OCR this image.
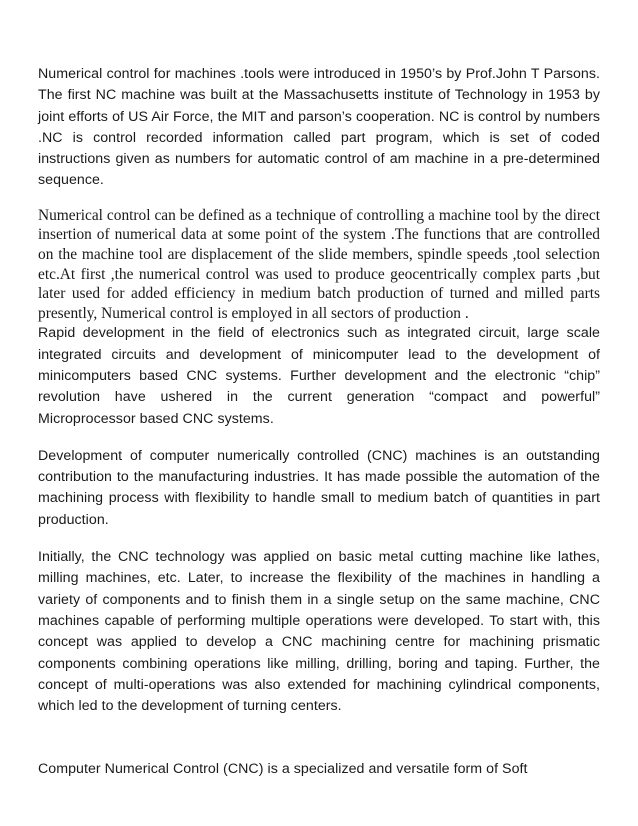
Numerical control for machines .tools were introduced in 1950’s by Prof.John T Parsons. The first NC machine was built at the Massachusetts institute of Technology in 1953 by joint efforts of US Air Force, the MIT and parson’s cooperation. NC is control by numbers .NC is control recorded information called part program, which is set of coded instructions given as numbers for automatic control of am machine in a pre-determined sequence.

Numerical control can be defined as a technique of controlling a machine tool by the direct insertion of numerical data at some point of the system .The functions that are controlled on the machine tool are displacement of the slide members, spindle speeds ,tool selection etc.At first ,the numerical control was used to produce geocentrically complex parts ,but later used for added efficiency in medium batch production of turned and milled parts presently, Numerical control is employed in all sectors of production .

Rapid development in the field of electronics such as integrated circuit, large scale integrated circuits and development of minicomputer lead to the development of minicomputers based CNC systems. Further development and the electronic “chip” revolution have ushered in the current generation “compact and powerful” Microprocessor based CNC systems.

Development of computer numerically controlled (CNC) machines is an outstanding contribution to the manufacturing industries. It has made possible the automation of the machining process with flexibility to handle small to medium batch of quantities in part production.

Initially, the CNC technology was applied on basic metal cutting machine like lathes, milling machines, etc. Later, to increase the flexibility of the machines in handling a variety of components and to finish them in a single setup on the same machine, CNC machines capable of performing multiple operations were developed. To start with, this concept was applied to develop a CNC machining centre for machining prismatic components combining operations like milling, drilling, boring and taping. Further, the concept of multi-operations was also extended for machining cylindrical components, which led to the development of turning centers.

Computer Numerical Control (CNC) is a specialized and versatile form of Soft
